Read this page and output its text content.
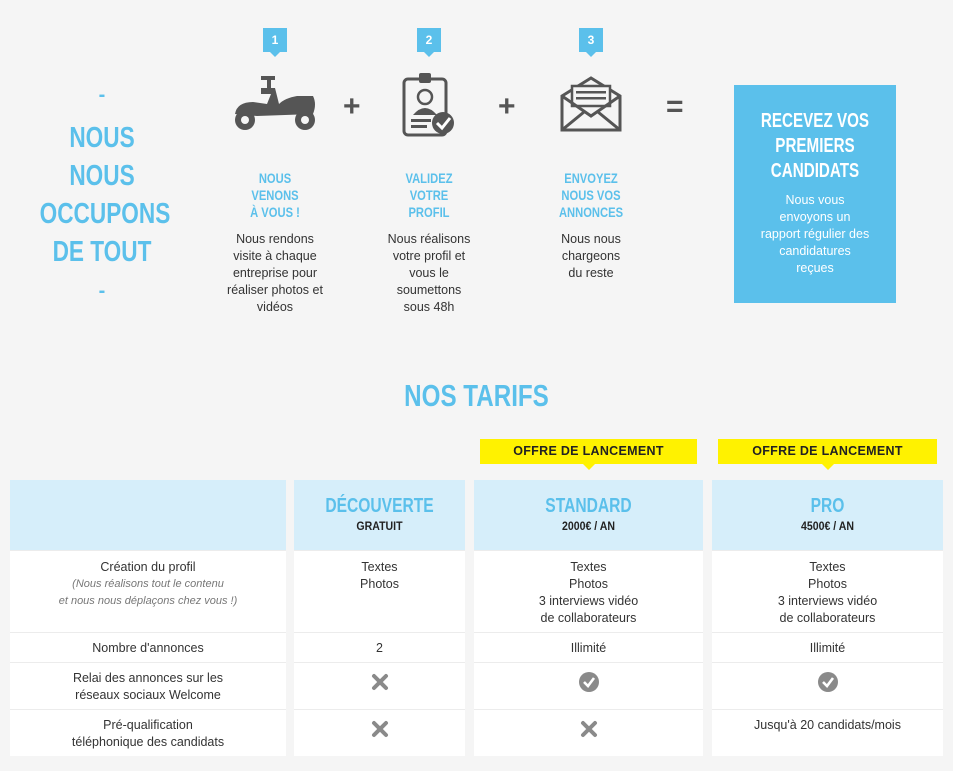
-
NOUS NOUS OCCUPONS DE TOUT
-
1
NOUS
VENONS
À VOUS !
Nous rendons
visite à chaque
entreprise pour
réaliser photos et
vidéos
+
2
VALIDEZ
VOTRE
PROFIL
Nous réalisons
votre profil et
vous le
soumettons
sous 48h
+
3
ENVOYEZ
NOUS VOS
ANNONCES
Nous nous
chargeons
du reste
=	RECEVEZ VOS
PREMIERS
CANDIDATS
Nous vous
envoyons un
rapport régulier des
candidatures
reçues
NOS TARIFS
OFFRE DE LANCEMENT	OFFRE DE LANCEMENT
Création du profil
(Nous réalisons tout le contenu
et nous nous déplaçons chez vous !)
Nombre d'annonces
Relai des annonces sur les
réseaux sociaux Welcome
Pré-qualification
téléphonique des candidats
DÉCOUVERTE
GRATUIT
Textes
Photos
2
STANDARD
2000€ / AN
Textes
Photos
3 interviews vidéo
de collaborateurs
Illimité
PRO
4500€ / AN
Textes
Photos
3 interviews vidéo
de collaborateurs
Illimité
Jusqu'à 20 candidats/mois
